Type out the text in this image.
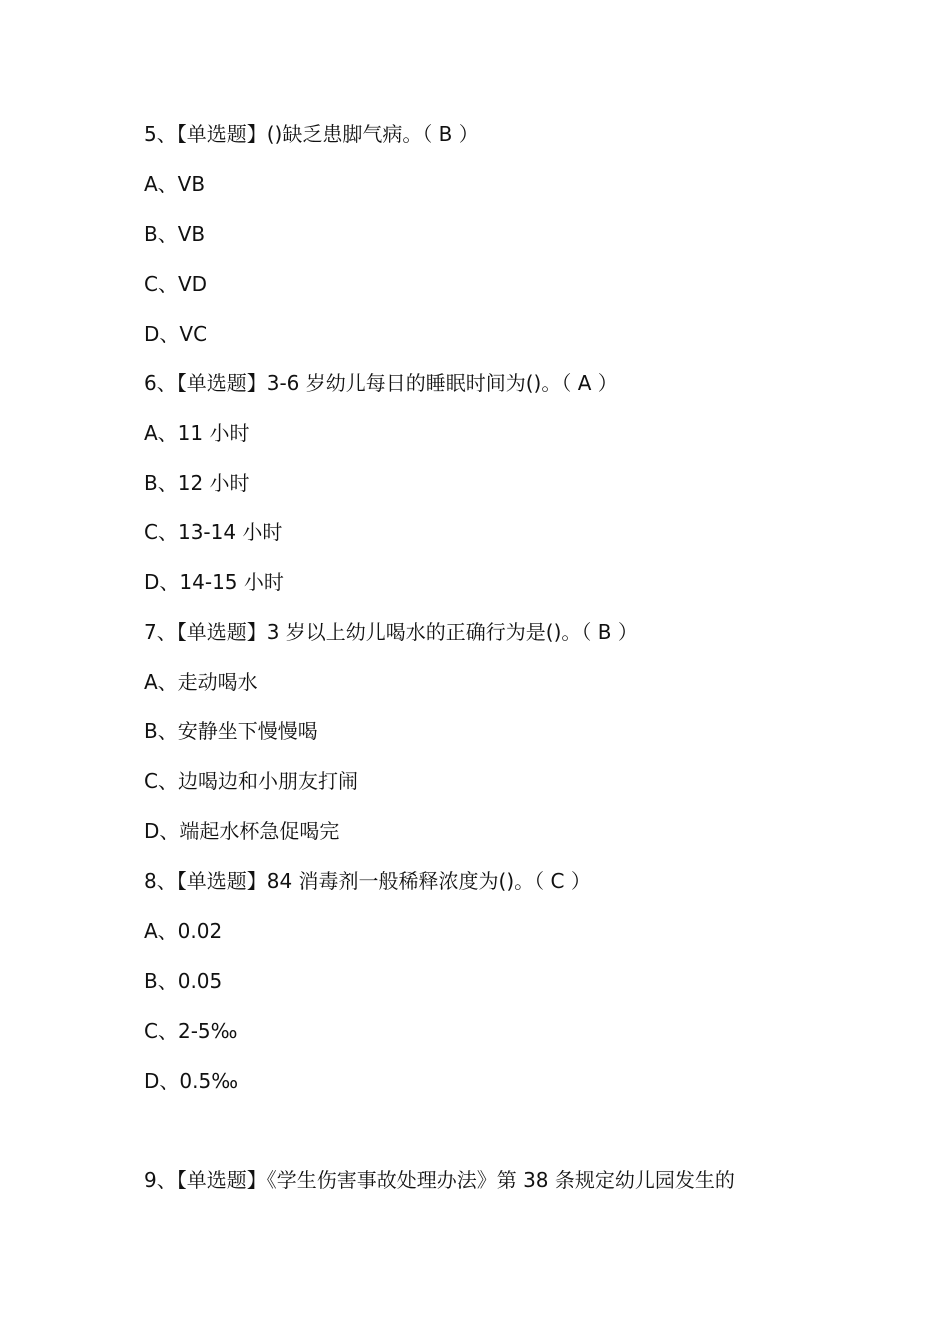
5、【单选题】()缺乏患脚气病。（ B ）
A、VB
B、VB
C、VD
D、VC
6、【单选题】3-6 岁幼儿每日的睡眠时间为()。（ A ）
A、11 小时
B、12 小时
C、13-14 小时
D、14-15 小时
7、【单选题】3 岁以上幼儿喝水的正确行为是()。（ B ）
A、走动喝水
B、安静坐下慢慢喝
C、边喝边和小朋友打闹
D、端起水杯急促喝完
8、【单选题】84 消毒剂一般稀释浓度为()。（ C ）
A、0.02
B、0.05
C、2-5‰
D、0.5‰
9、【单选题】《学生伤害事故处理办法》第 38 条规定幼儿园发生的
